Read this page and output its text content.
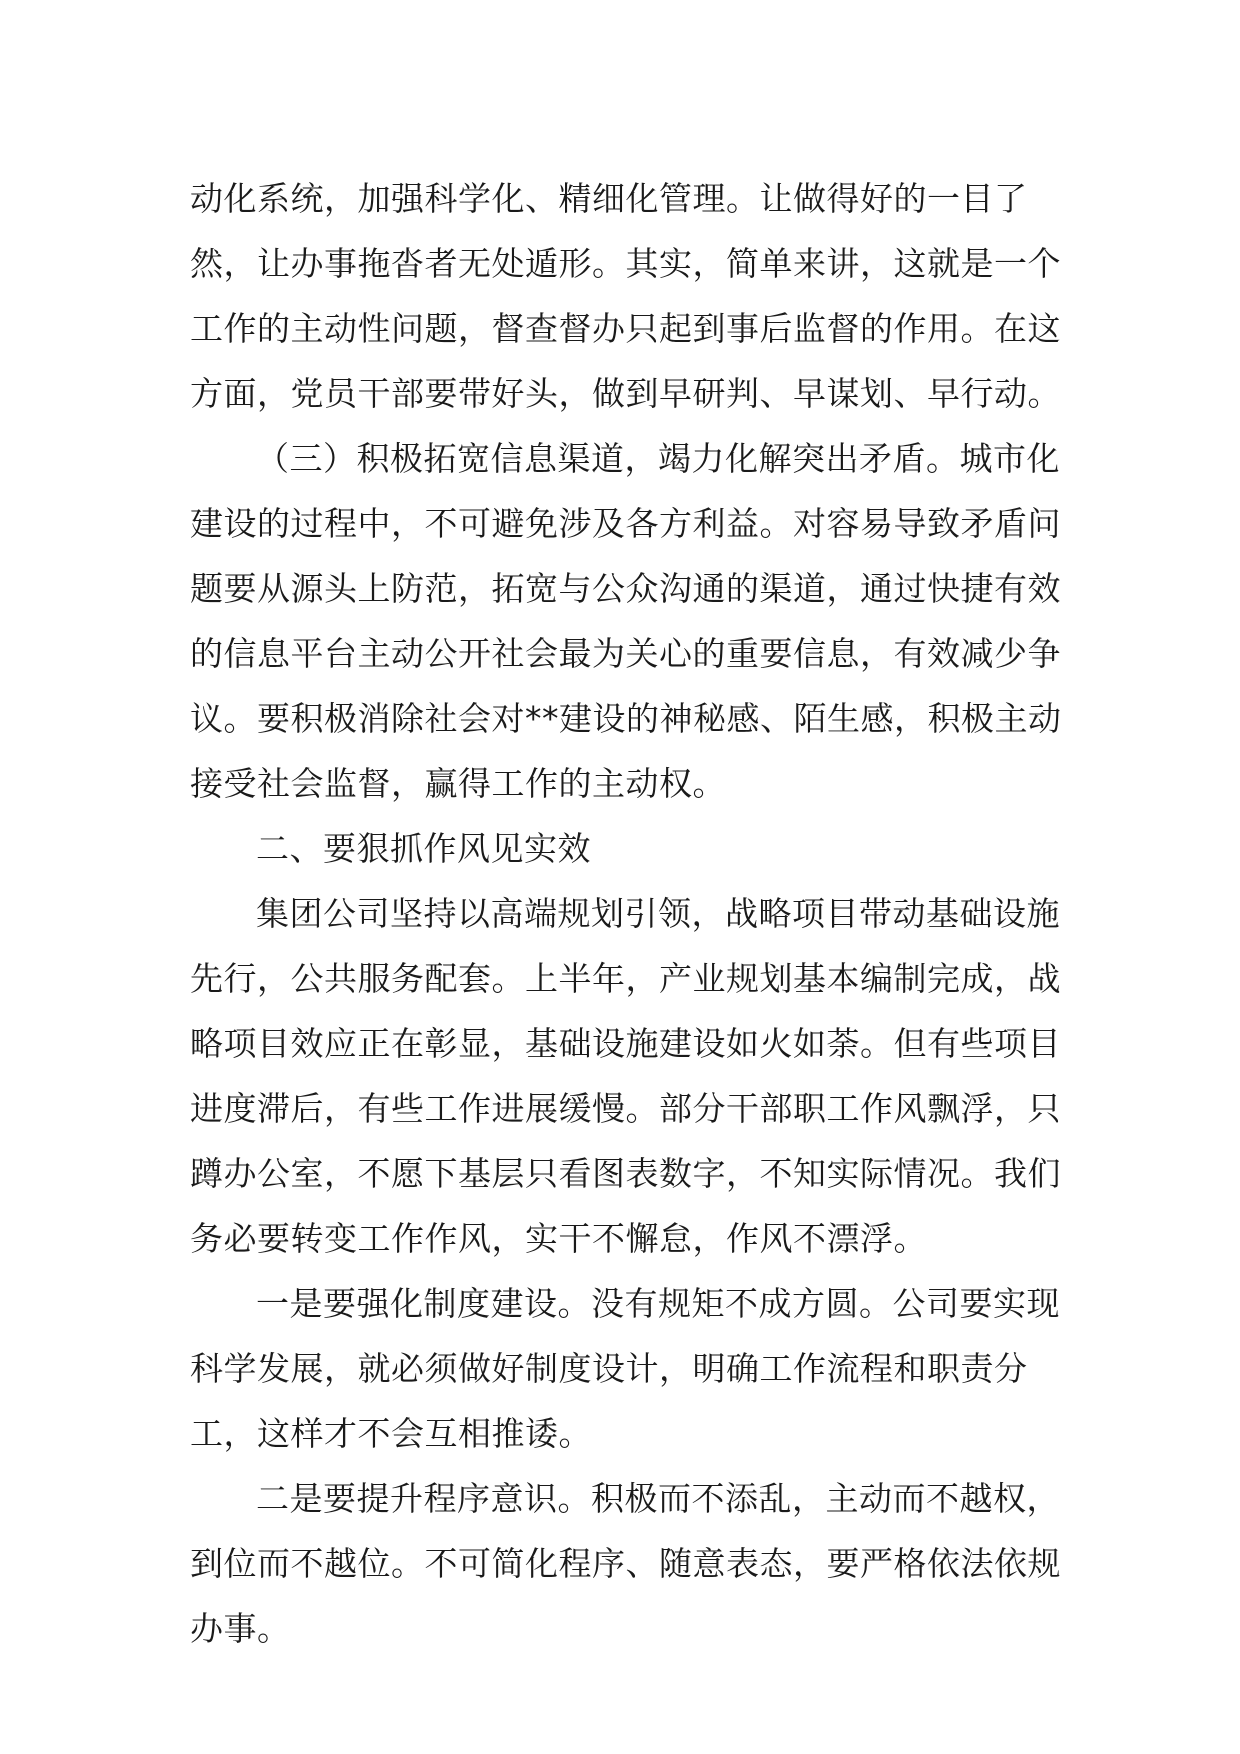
动化系统，加强科学化、精细化管理。让做得好的一目了然，让办事拖沓者无处遁形。其实，简单来讲，这就是一个工作的主动性问题，督查督办只起到事后监督的作用。在这方面，党员干部要带好头，做到早研判、早谋划、早行动。

（三）积极拓宽信息渠道，竭力化解突出矛盾。城市化建设的过程中，不可避免涉及各方利益。对容易导致矛盾问题要从源头上防范，拓宽与公众沟通的渠道，通过快捷有效的信息平台主动公开社会最为关心的重要信息，有效减少争议。要积极消除社会对**建设的神秘感、陌生感，积极主动接受社会监督，赢得工作的主动权。

二、要狠抓作风见实效

集团公司坚持以高端规划引领，战略项目带动基础设施先行，公共服务配套。上半年，产业规划基本编制完成，战略项目效应正在彰显，基础设施建设如火如荼。但有些项目进度滞后，有些工作进展缓慢。部分干部职工作风飘浮，只蹲办公室，不愿下基层只看图表数字，不知实际情况。我们务必要转变工作作风，实干不懈怠，作风不漂浮。

一是要强化制度建设。没有规矩不成方圆。公司要实现科学发展，就必须做好制度设计，明确工作流程和职责分工，这样才不会互相推诿。

二是要提升程序意识。积极而不添乱，主动而不越权，到位而不越位。不可简化程序、随意表态，要严格依法依规办事。
